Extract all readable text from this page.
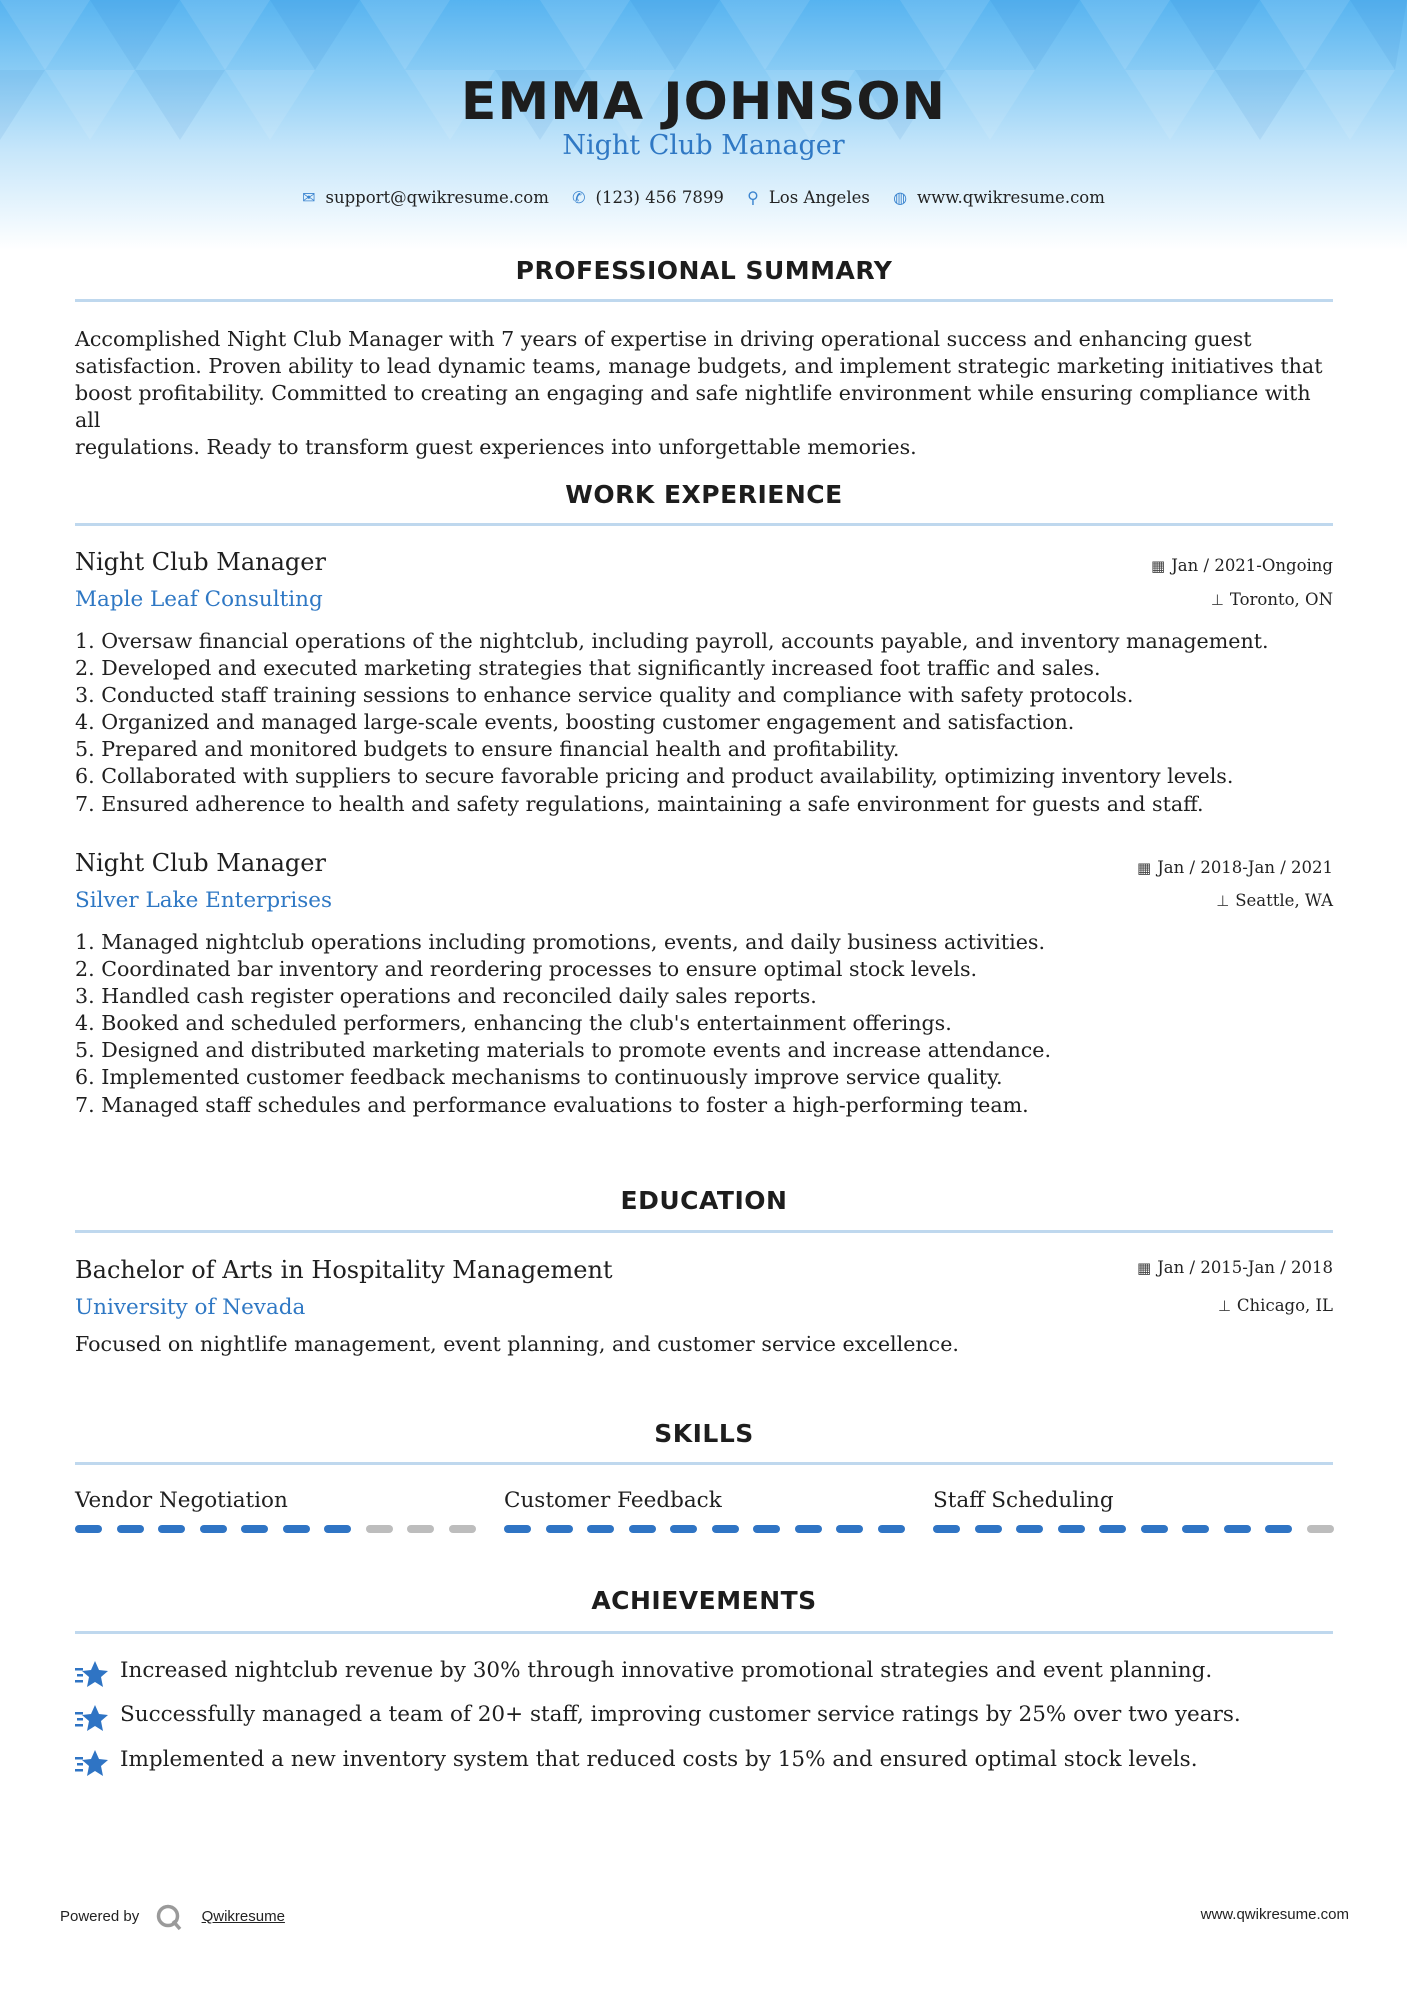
EMMA JOHNSON
Night Club Manager
✉ support@qwikresume.com ✆ (123) 456 7899 ⚲ Los Angeles ◍ www.qwikresume.com
PROFESSIONAL SUMMARY
Accomplished Night Club Manager with 7 years of expertise in driving operational success and enhancing guest
satisfaction. Proven ability to lead dynamic teams, manage budgets, and implement strategic marketing initiatives that
boost profitability. Committed to creating an engaging and safe nightlife environment while ensuring compliance with all
regulations. Ready to transform guest experiences into unforgettable memories.
WORK EXPERIENCE
Night Club Manager	▦ Jan / 2021-Ongoing
Maple Leaf Consulting	⊥ Toronto, ON
1. Oversaw financial operations of the nightclub, including payroll, accounts payable, and inventory management.
2. Developed and executed marketing strategies that significantly increased foot traffic and sales.
3. Conducted staff training sessions to enhance service quality and compliance with safety protocols.
4. Organized and managed large-scale events, boosting customer engagement and satisfaction.
5. Prepared and monitored budgets to ensure financial health and profitability.
6. Collaborated with suppliers to secure favorable pricing and product availability, optimizing inventory levels.
7. Ensured adherence to health and safety regulations, maintaining a safe environment for guests and staff.
Night Club Manager	▦ Jan / 2018-Jan / 2021
Silver Lake Enterprises	⊥ Seattle, WA
1. Managed nightclub operations including promotions, events, and daily business activities.
2. Coordinated bar inventory and reordering processes to ensure optimal stock levels.
3. Handled cash register operations and reconciled daily sales reports.
4. Booked and scheduled performers, enhancing the club's entertainment offerings.
5. Designed and distributed marketing materials to promote events and increase attendance.
6. Implemented customer feedback mechanisms to continuously improve service quality.
7. Managed staff schedules and performance evaluations to foster a high-performing team.
EDUCATION
Bachelor of Arts in Hospitality Management	▦ Jan / 2015-Jan / 2018
University of Nevada	⊥ Chicago, IL
Focused on nightlife management, event planning, and customer service excellence.
SKILLS
Vendor Negotiation	Customer Feedback	Staff Scheduling
ACHIEVEMENTS
Increased nightclub revenue by 30% through innovative promotional strategies and event planning.
Successfully managed a team of 20+ staff, improving customer service ratings by 25% over two years.
Implemented a new inventory system that reduced costs by 15% and ensured optimal stock levels.
Powered by	Qwikresume	www.qwikresume.com
